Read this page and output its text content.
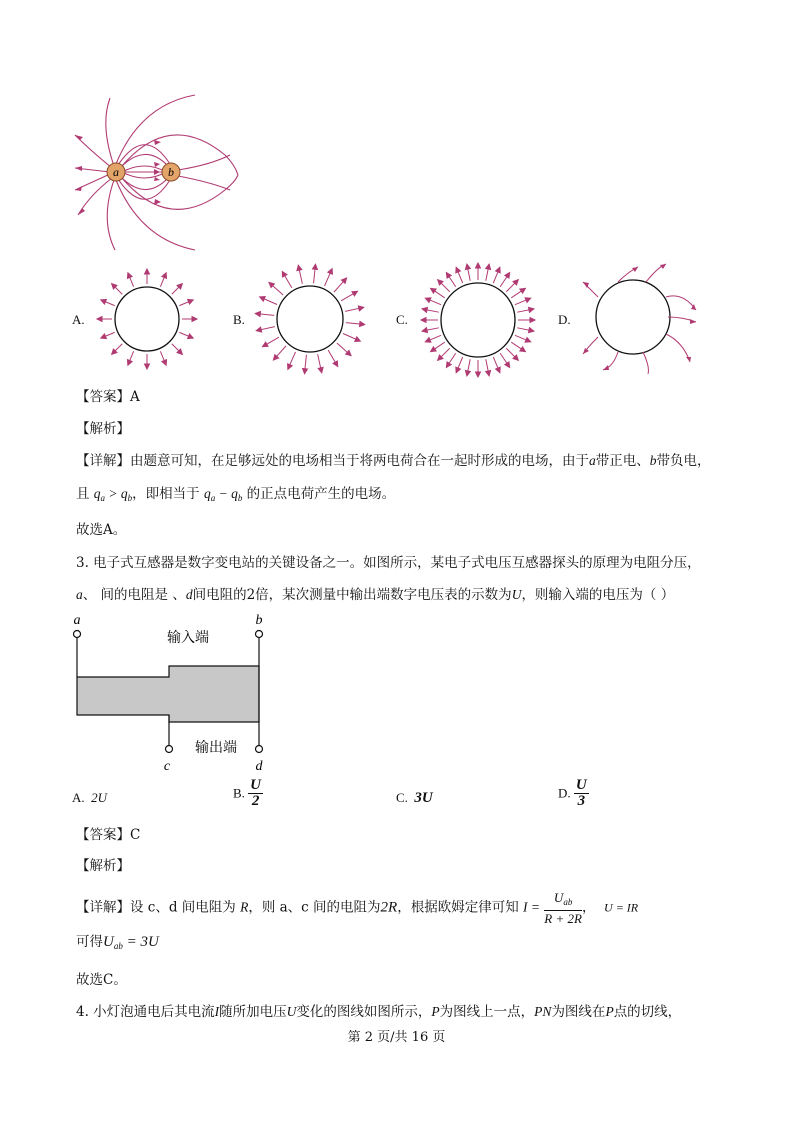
a	b
A.	B.	C.	D.
【答案】A
【解析】
【详解】由题意可知，在足够远处的电场相当于将两电荷合在一起时形成的电场，由于a带正电、b带负电，
且 $q_a > q_b$，即相当于 $q_a - q_b$ 的正点电荷产生的电场。
故选A。
3. 电子式互感器是数字变电站的关键设备之一。如图所示，某电子式电压互感器探头的原理为电阻分压，
a、 间的电阻是 、d间电阻的2倍，某次测量中输出端数字电压表的示数为U，则输入端的电压为（ ）
a	b
c	d
输入端
输出端
A. 2U	B. $\frac{U}{2}$	C. 3U	D. $\frac{U}{3}$
【答案】C
【解析】
【详解】设 c、d 间电阻为 R，则 a、c 间的电阻为2R，根据欧姆定律可知 $I = \frac{U_{ab}}{R + 2R}$ ， U = IR
可得$U_{ab} = 3U$
故选C。
4. 小灯泡通电后其电流I随所加电压U变化的图线如图所示，P为图线上一点，PN为图线在P点的切线，
第 2 页/共 16 页
